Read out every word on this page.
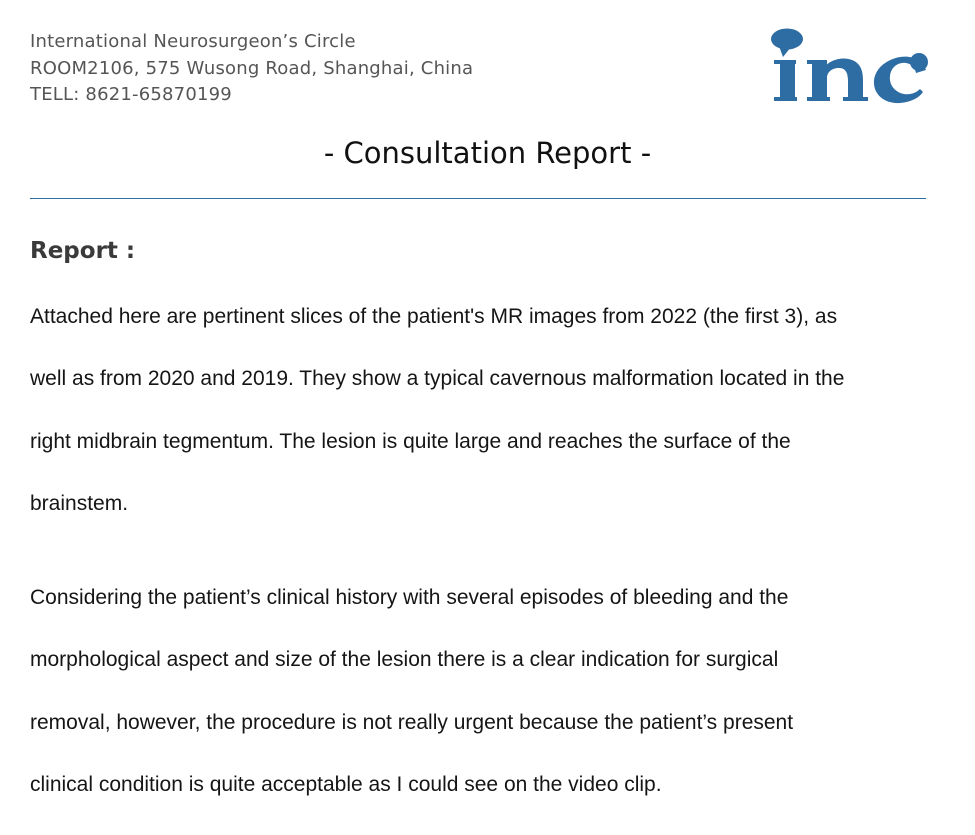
International Neurosurgeon’s Circle
ROOM2106, 575 Wusong Road, Shanghai, China
TELL: 8621-65870199
- Consultation Report -
Report :
Attached here are pertinent slices of the patient's MR images from 2022 (the first 3), as
well as from 2020 and 2019. They show a typical cavernous malformation located in the
right midbrain tegmentum. The lesion is quite large and reaches the surface of the
brainstem.
Considering the patient’s clinical history with several episodes of bleeding and the
morphological aspect and size of the lesion there is a clear indication for surgical
removal, however, the procedure is not really urgent because the patient’s present
clinical condition is quite acceptable as I could see on the video clip.
